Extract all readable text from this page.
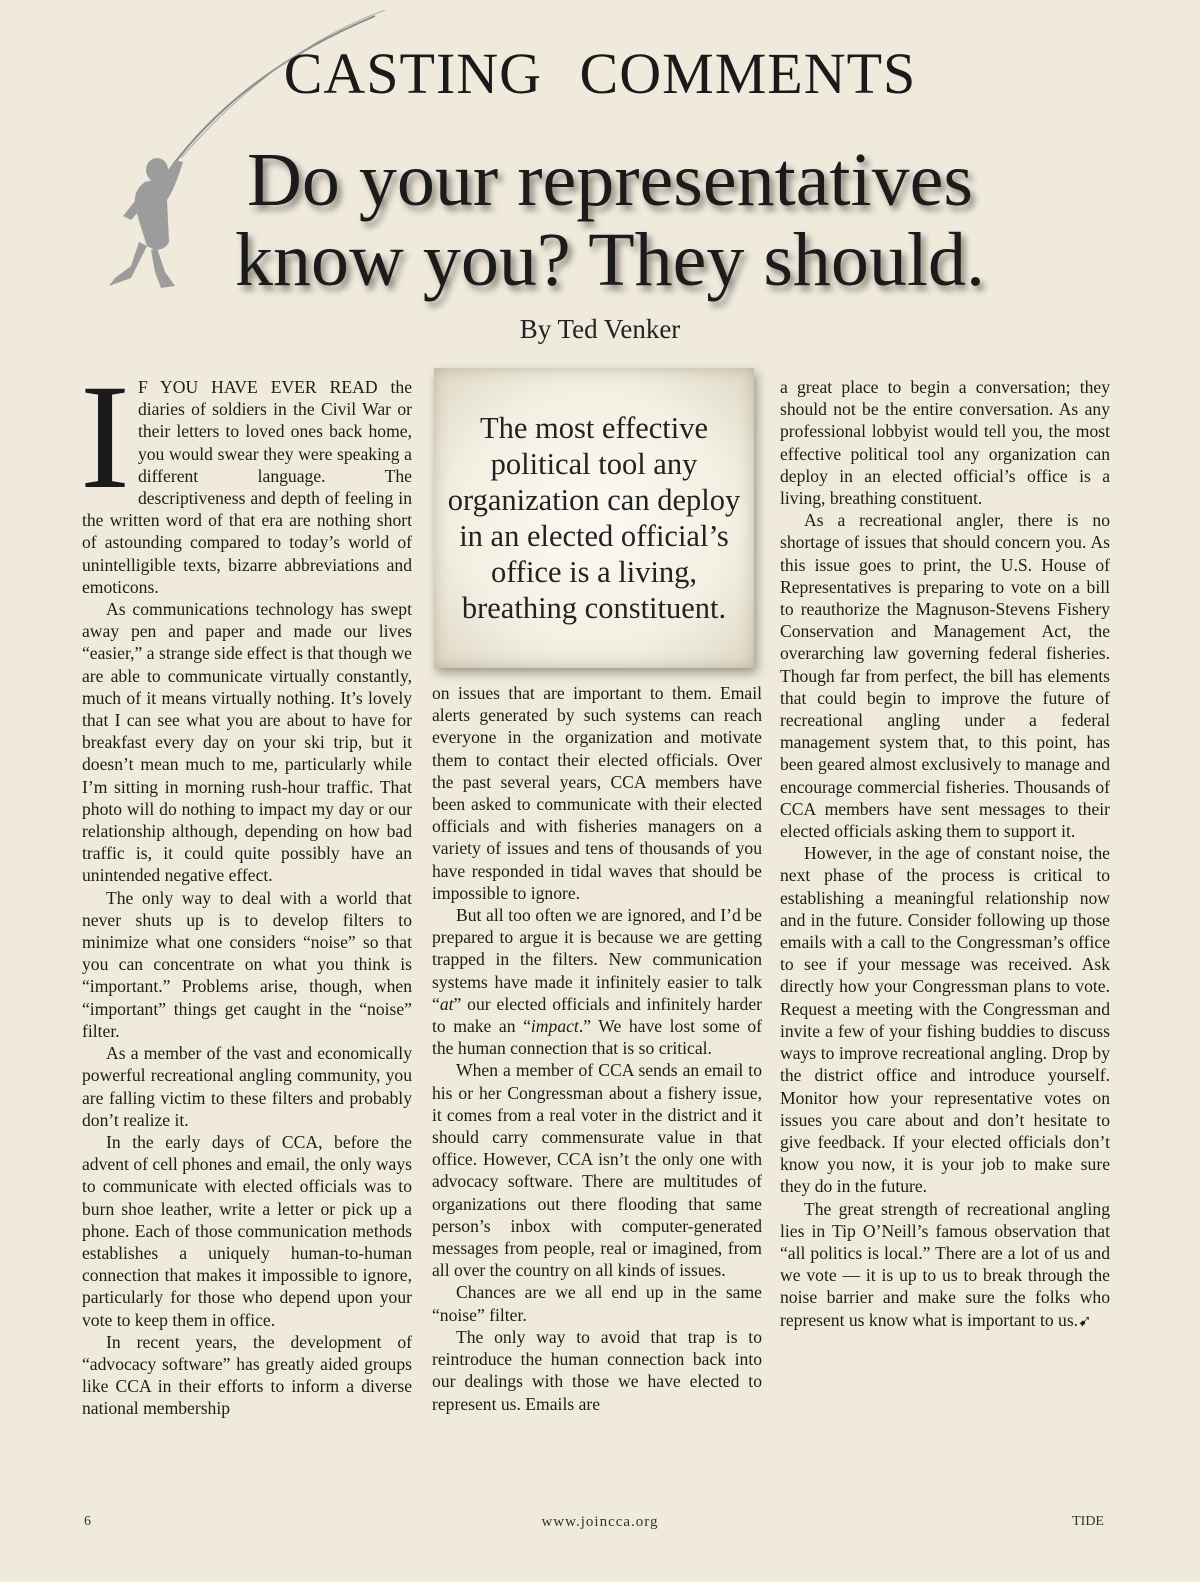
CASTING COMMENTS
Do your representatives
know you? They should.
By Ted Venker

I F YOU HAVE EVER READ the diaries of soldiers in the Civil War or their letters to loved ones back home, you would swear they were speaking a different language. The descriptiveness and depth of feeling in the written word of that era are nothing short of astounding compared to today’s world of unintelligible texts, bizarre abbreviations and emoticons.

As communications technology has swept away pen and paper and made our lives “easier,” a strange side effect is that though we are able to communicate virtually constantly, much of it means virtually nothing. It’s lovely that I can see what you are about to have for breakfast every day on your ski trip, but it doesn’t mean much to me, particularly while I’m sitting in morning rush-hour traffic. That photo will do nothing to impact my day or our relationship although, depending on how bad traffic is, it could quite possibly have an unintended negative effect.

The only way to deal with a world that never shuts up is to develop filters to minimize what one considers “noise” so that you can concentrate on what you think is “important.” Problems arise, though, when “important” things get caught in the “noise” filter.

As a member of the vast and economically powerful recreational angling community, you are falling victim to these filters and probably don’t realize it.

In the early days of CCA, before the advent of cell phones and email, the only ways to communicate with elected officials was to burn shoe leather, write a letter or pick up a phone. Each of those communication methods establishes a uniquely human-to-human connection that makes it impossible to ignore, particularly for those who depend upon your vote to keep them in office.

In recent years, the development of “advocacy software” has greatly aided groups like CCA in their efforts to inform a diverse national membership

The most effective political tool any organization can deploy in an elected official’s office is a living, breathing constituent.

on issues that are important to them. Email alerts generated by such systems can reach everyone in the organization and motivate them to contact their elected officials. Over the past several years, CCA members have been asked to communicate with their elected officials and with fisheries managers on a variety of issues and tens of thousands of you have responded in tidal waves that should be impossible to ignore.

But all too often we are ignored, and I’d be prepared to argue it is because we are getting trapped in the filters. New communication systems have made it infinitely easier to talk “at” our elected officials and infinitely harder to make an “impact.” We have lost some of the human connection that is so critical.

When a member of CCA sends an email to his or her Congressman about a fishery issue, it comes from a real voter in the district and it should carry commensurate value in that office. However, CCA isn’t the only one with advocacy software. There are multitudes of organizations out there flooding that same person’s inbox with computer-generated messages from people, real or imagined, from all over the country on all kinds of issues.

Chances are we all end up in the same “noise” filter.

The only way to avoid that trap is to reintroduce the human connection back into our dealings with those we have elected to represent us. Emails are

a great place to begin a conversation; they should not be the entire conversation. As any professional lobbyist would tell you, the most effective political tool any organization can deploy in an elected official’s office is a living, breathing constituent.

As a recreational angler, there is no shortage of issues that should concern you. As this issue goes to print, the U.S. House of Representatives is preparing to vote on a bill to reauthorize the Magnuson-Stevens Fishery Conservation and Management Act, the overarching law governing federal fisheries. Though far from perfect, the bill has elements that could begin to improve the future of recreational angling under a federal management system that, to this point, has been geared almost exclusively to manage and encourage commercial fisheries. Thousands of CCA members have sent messages to their elected officials asking them to support it.

However, in the age of constant noise, the next phase of the process is critical to establishing a meaningful relationship now and in the future. Consider following up those emails with a call to the Congressman’s office to see if your message was received. Ask directly how your Congressman plans to vote. Request a meeting with the Congressman and invite a few of your fishing buddies to discuss ways to improve recreational angling. Drop by the district office and introduce yourself. Monitor how your representative votes on issues you care about and don’t hesitate to give feedback. If your elected officials don’t know you now, it is your job to make sure they do in the future.

The great strength of recreational angling lies in Tip O’Neill’s famous observation that “all politics is local.” There are a lot of us and we vote — it is up to us to break through the noise barrier and make sure the folks who represent us know what is important to us.➹

6	www.joincca.org	TIDE
